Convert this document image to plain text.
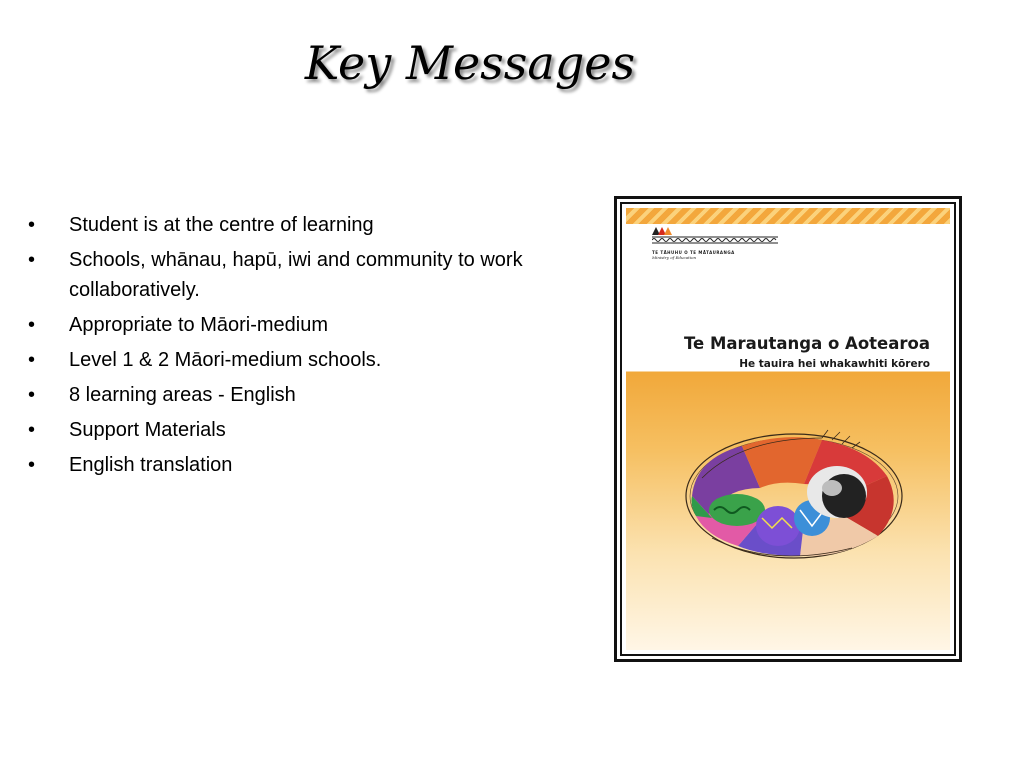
Key Messages
• Student is at the centre of learning
• Schools, whānau, hapū, iwi and community to work collaboratively.
• Appropriate to Māori-medium
• Level 1 & 2 Māori-medium schools.
• 8 learning areas - English
• Support Materials
• English translation
TE TĀHUHU O TE MĀTAURANGA
Ministry of Education
Te Marautanga o Aotearoa
He tauira hei whakawhiti kōrero
